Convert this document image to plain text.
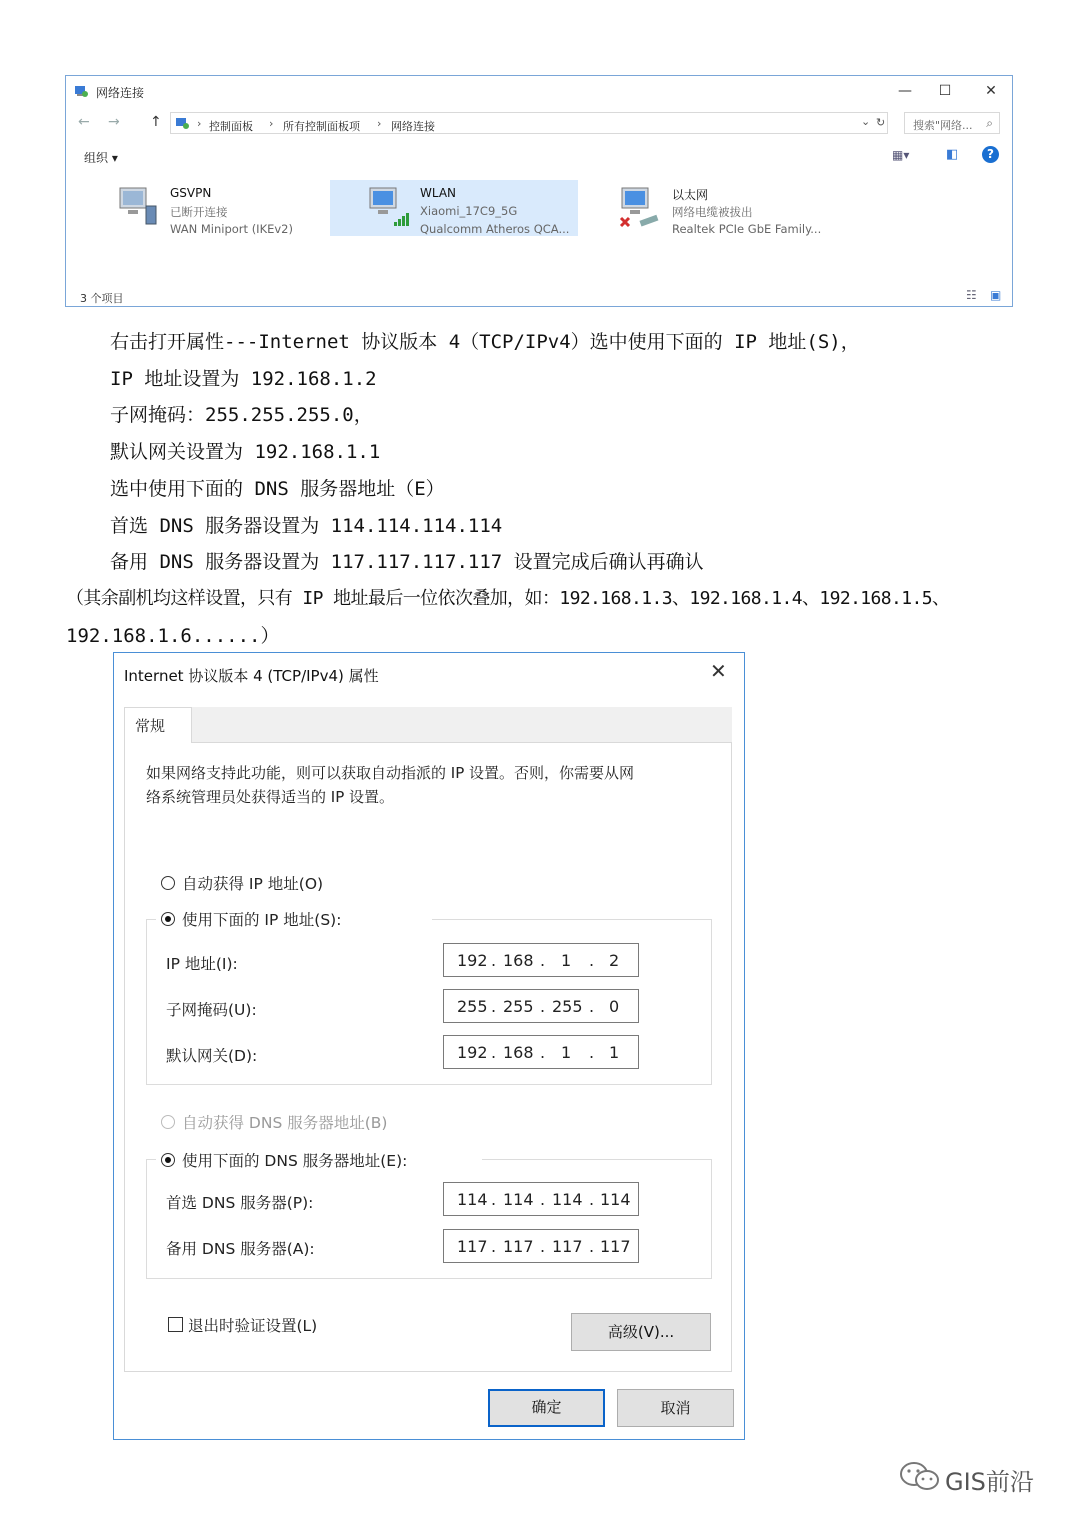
网络连接	—	☐	✕
← → ↑	› 控制面板 › 所有控制面板项 › 网络连接	⌄ ↻	搜索"网络... ⌕
组织 ▾	▦▾	◧	?
GSVPN
已断开连接
WAN Miniport (IKEv2)
WLAN
Xiaomi_17C9_5G
Qualcomm Atheros QCA...
以太网
网络电缆被拔出
Realtek PCIe GbE Family...
3 个项目	☷ ▣
右击打开属性---Internet 协议版本 4（TCP/IPv4）选中使用下面的 IP 地址(S)，
IP 地址设置为 192.168.1.2
子网掩码：255.255.255.0，
默认网关设置为 192.168.1.1
选中使用下面的 DNS 服务器地址（E）
首选 DNS 服务器设置为 114.114.114.114
备用 DNS 服务器设置为 117.117.117.117 设置完成后确认再确认
（其余副机均这样设置，只有 IP 地址最后一位依次叠加，如：192.168.1.3、192.168.1.4、192.168.1.5、
192.168.1.6......）
Internet 协议版本 4 (TCP/IPv4) 属性	✕
常规
如果网络支持此功能，则可以获取自动指派的 IP 设置。否则，你需要从网
络系统管理员处获得适当的 IP 设置。
自动获得 IP 地址(O)
使用下面的 IP 地址(S):
IP 地址(I):	192 . 168 . 1 . 2
子网掩码(U):	255 . 255 . 255 . 0
默认网关(D):	192 . 168 . 1 . 1
自动获得 DNS 服务器地址(B)
使用下面的 DNS 服务器地址(E):
首选 DNS 服务器(P):	114 . 114 . 114 . 114
备用 DNS 服务器(A):	117 . 117 . 117 . 117
退出时验证设置(L)	高级(V)...
确定	取消
GIS前沿
